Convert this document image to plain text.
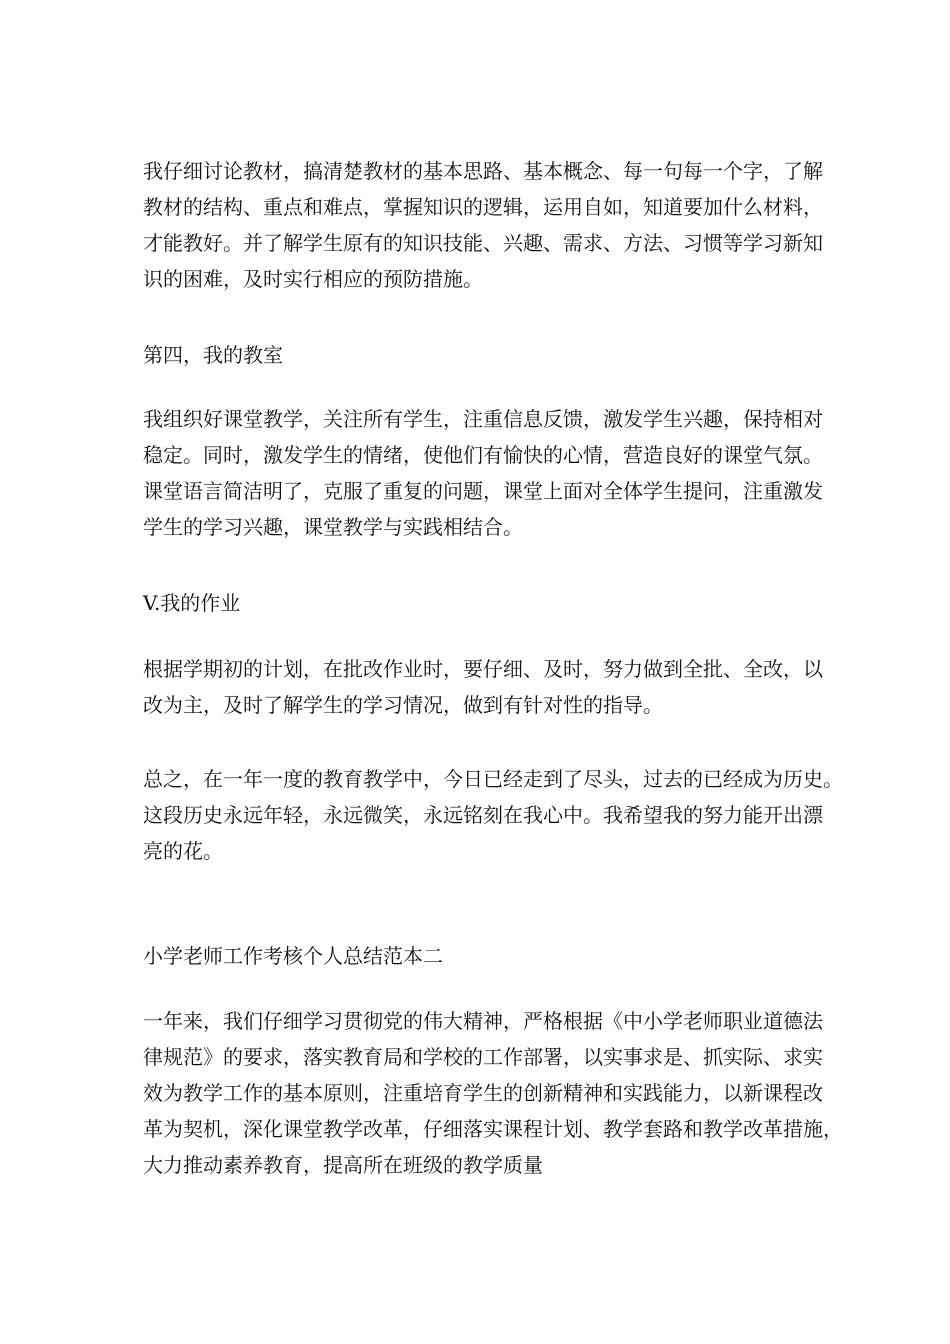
我仔细讨论教材，搞清楚教材的基本思路、基本概念、每一句每一个字，了解
教材的结构、重点和难点，掌握知识的逻辑，运用自如，知道要加什么材料，
才能教好。并了解学生原有的知识技能、兴趣、需求、方法、习惯等学习新知
识的困难，及时实行相应的预防措施。
第四，我的教室
我组织好课堂教学，关注所有学生，注重信息反馈，激发学生兴趣，保持相对
稳定。同时，激发学生的情绪，使他们有愉快的心情，营造良好的课堂气氛。
课堂语言简洁明了，克服了重复的问题，课堂上面对全体学生提问，注重激发
学生的学习兴趣，课堂教学与实践相结合。
V.我的作业
根据学期初的计划，在批改作业时，要仔细、及时，努力做到全批、全改，以
改为主，及时了解学生的学习情况，做到有针对性的指导。
总之，在一年一度的教育教学中，今日已经走到了尽头，过去的已经成为历史。
这段历史永远年轻，永远微笑，永远铭刻在我心中。我希望我的努力能开出漂
亮的花。
小学老师工作考核个人总结范本二
一年来，我们仔细学习贯彻党的伟大精神，严格根据《中小学老师职业道德法
律规范》的要求，落实教育局和学校的工作部署，以实事求是、抓实际、求实
效为教学工作的基本原则，注重培育学生的创新精神和实践能力，以新课程改
革为契机，深化课堂教学改革，仔细落实课程计划、教学套路和教学改革措施，
大力推动素养教育，提高所在班级的教学质量
